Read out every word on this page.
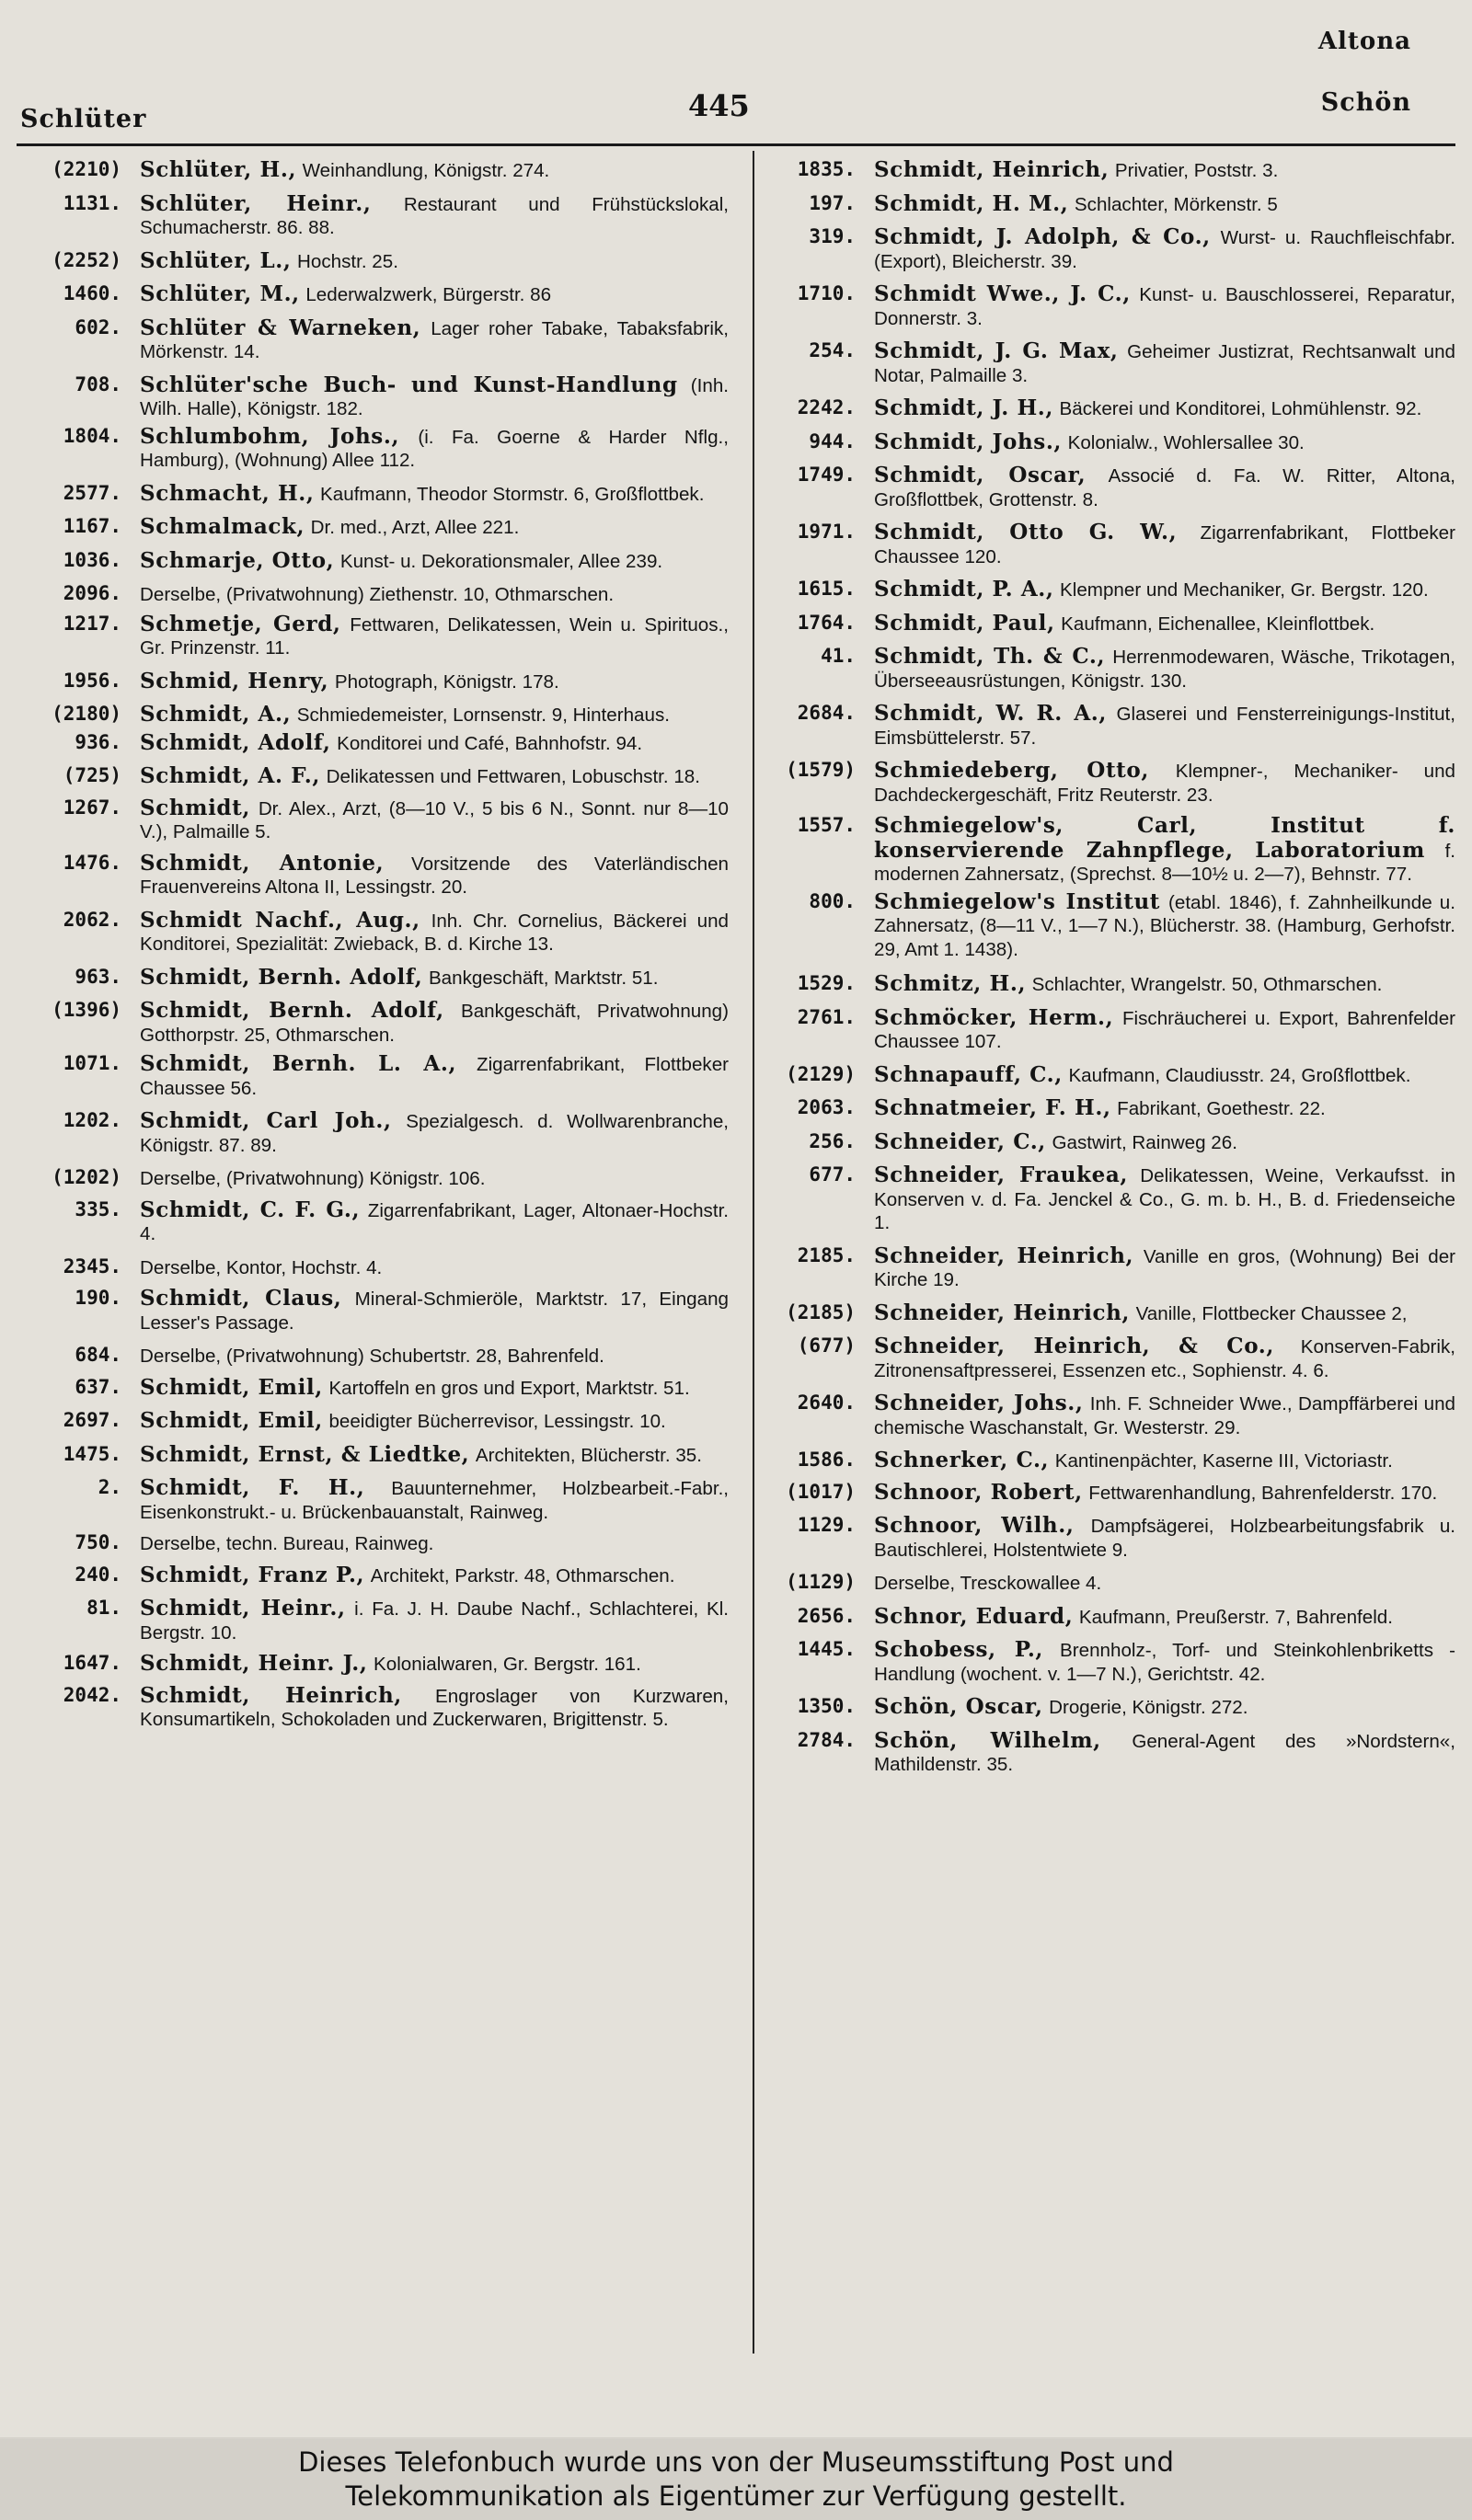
Altona
Schlüter	445	Schön
(2210) Schlüter, H., Weinhandlung, Königstr. 274.
1131. Schlüter, Heinr., Restaurant und Frühstückslokal, Schumacherstr. 86. 88.
(2252) Schlüter, L., Hochstr. 25.
1460. Schlüter, M., Lederwalzwerk, Bürgerstr. 86
602. Schlüter & Warneken, Lager roher Tabake, Tabaksfabrik, Mörkenstr. 14.
708. Schlüter'sche Buch- und Kunst-Handlung (Inh. Wilh. Halle), Königstr. 182.
1804. Schlumbohm, Johs., (i. Fa. Goerne & Harder Nflg., Hamburg), (Wohnung) Allee 112.
2577. Schmacht, H., Kaufmann, Theodor Stormstr. 6, Großflottbek.
1167. Schmalmack, Dr. med., Arzt, Allee 221.
1036. Schmarje, Otto, Kunst- u. Dekorationsmaler, Allee 239.
2096. Derselbe, (Privatwohnung) Ziethenstr. 10, Othmarschen.
1217. Schmetje, Gerd, Fettwaren, Delikatessen, Wein u. Spirituos., Gr. Prinzenstr. 11.
1956. Schmid, Henry, Photograph, Königstr. 178.
(2180) Schmidt, A., Schmiedemeister, Lornsenstr. 9, Hinterhaus.
936. Schmidt, Adolf, Konditorei und Café, Bahnhofstr. 94.
(725) Schmidt, A. F., Delikatessen und Fettwaren, Lobuschstr. 18.
1267. Schmidt, Dr. Alex., Arzt, (8—10 V., 5 bis 6 N., Sonnt. nur 8—10 V.), Palmaille 5.
1476. Schmidt, Antonie, Vorsitzende des Vaterländischen Frauenvereins Altona II, Lessingstr. 20.
2062. Schmidt Nachf., Aug., Inh. Chr. Cornelius, Bäckerei und Konditorei, Spezialität: Zwieback, B. d. Kirche 13.
963. Schmidt, Bernh. Adolf, Bankgeschäft, Marktstr. 51.
(1396) Schmidt, Bernh. Adolf, Bankgeschäft, Privatwohnung) Gotthorpstr. 25, Othmarschen.
1071. Schmidt, Bernh. L. A., Zigarrenfabrikant, Flottbeker Chaussee 56.
1202. Schmidt, Carl Joh., Spezialgesch. d. Wollwarenbranche, Königstr. 87. 89.
(1202) Derselbe, (Privatwohnung) Königstr. 106.
335. Schmidt, C. F. G., Zigarrenfabrikant, Lager, Altonaer-Hochstr. 4.
2345. Derselbe, Kontor, Hochstr. 4.
190. Schmidt, Claus, Mineral-Schmieröle, Marktstr. 17, Eingang Lesser's Passage.
684. Derselbe, (Privatwohnung) Schubertstr. 28, Bahrenfeld.
637. Schmidt, Emil, Kartoffeln en gros und Export, Marktstr. 51.
2697. Schmidt, Emil, beeidigter Bücherrevisor, Lessingstr. 10.
1475. Schmidt, Ernst, & Liedtke, Architekten, Blücherstr. 35.
2. Schmidt, F. H., Bauunternehmer, Holzbearbeit.-Fabr., Eisenkonstrukt.- u. Brückenbauanstalt, Rainweg.
750. Derselbe, techn. Bureau, Rainweg.
240. Schmidt, Franz P., Architekt, Parkstr. 48, Othmarschen.
81. Schmidt, Heinr., i. Fa. J. H. Daube Nachf., Schlachterei, Kl. Bergstr. 10.
1647. Schmidt, Heinr. J., Kolonialwaren, Gr. Bergstr. 161.
2042. Schmidt, Heinrich, Engroslager von Kurzwaren, Konsumartikeln, Schokoladen und Zuckerwaren, Brigittenstr. 5.
1835. Schmidt, Heinrich, Privatier, Poststr. 3.
197. Schmidt, H. M., Schlachter, Mörkenstr. 5
319. Schmidt, J. Adolph, & Co., Wurst- u. Rauchfleischfabr. (Export), Bleicherstr. 39.
1710. Schmidt Wwe., J. C., Kunst- u. Bauschlosserei, Reparatur, Donnerstr. 3.
254. Schmidt, J. G. Max, Geheimer Justizrat, Rechtsanwalt und Notar, Palmaille 3.
2242. Schmidt, J. H., Bäckerei und Konditorei, Lohmühlenstr. 92.
944. Schmidt, Johs., Kolonialw., Wohlersallee 30.
1749. Schmidt, Oscar, Associé d. Fa. W. Ritter, Altona, Großflottbek, Grottenstr. 8.
1971. Schmidt, Otto G. W., Zigarrenfabrikant, Flottbeker Chaussee 120.
1615. Schmidt, P. A., Klempner und Mechaniker, Gr. Bergstr. 120.
1764. Schmidt, Paul, Kaufmann, Eichenallee, Kleinflottbek.
41. Schmidt, Th. & C., Herrenmodewaren, Wäsche, Trikotagen, Überseeausrüstungen, Königstr. 130.
2684. Schmidt, W. R. A., Glaserei und Fensterreinigungs-Institut, Eimsbüttelerstr. 57.
(1579) Schmiedeberg, Otto, Klempner-, Mechaniker- und Dachdeckergeschäft, Fritz Reuterstr. 23.
1557. Schmiegelow's, Carl, Institut f. konservierende Zahnpflege, Laboratorium f. modernen Zahnersatz, (Sprechst. 8—10½ u. 2—7), Behnstr. 77.
800. Schmiegelow's Institut (etabl. 1846), f. Zahnheilkunde u. Zahnersatz, (8—11 V., 1—7 N.), Blücherstr. 38. (Hamburg, Gerhofstr. 29, Amt 1. 1438).
1529. Schmitz, H., Schlachter, Wrangelstr. 50, Othmarschen.
2761. Schmöcker, Herm., Fischräucherei u. Export, Bahrenfelder Chaussee 107.
(2129) Schnapauff, C., Kaufmann, Claudiusstr. 24, Großflottbek.
2063. Schnatmeier, F. H., Fabrikant, Goethestr. 22.
256. Schneider, C., Gastwirt, Rainweg 26.
677. Schneider, Fraukea, Delikatessen, Weine, Verkaufsst. in Konserven v. d. Fa. Jenckel & Co., G. m. b. H., B. d. Friedenseiche 1.
2185. Schneider, Heinrich, Vanille en gros, (Wohnung) Bei der Kirche 19.
(2185) Schneider, Heinrich, Vanille, Flottbecker Chaussee 2,
(677) Schneider, Heinrich, & Co., Konserven-Fabrik, Zitronensaftpresserei, Essenzen etc., Sophienstr. 4. 6.
2640. Schneider, Johs., Inh. F. Schneider Wwe., Dampffärberei und chemische Waschanstalt, Gr. Westerstr. 29.
1586. Schnerker, C., Kantinenpächter, Kaserne III, Victoriastr.
(1017) Schnoor, Robert, Fettwarenhandlung, Bahrenfelderstr. 170.
1129. Schnoor, Wilh., Dampfsägerei, Holzbearbeitungsfabrik u. Bautischlerei, Holstentwiete 9.
(1129) Derselbe, Tresckowallee 4.
2656. Schnor, Eduard, Kaufmann, Preußerstr. 7, Bahrenfeld.
1445. Schobess, P., Brennholz-, Torf- und Steinkohlenbriketts - Handlung (wochent. v. 1—7 N.), Gerichtstr. 42.
1350. Schön, Oscar, Drogerie, Königstr. 272.
2784. Schön, Wilhelm, General-Agent des »Nordstern«, Mathildenstr. 35.
Dieses Telefonbuch wurde uns von der Museumsstiftung Post und
Telekommunikation als Eigentümer zur Verfügung gestellt.
